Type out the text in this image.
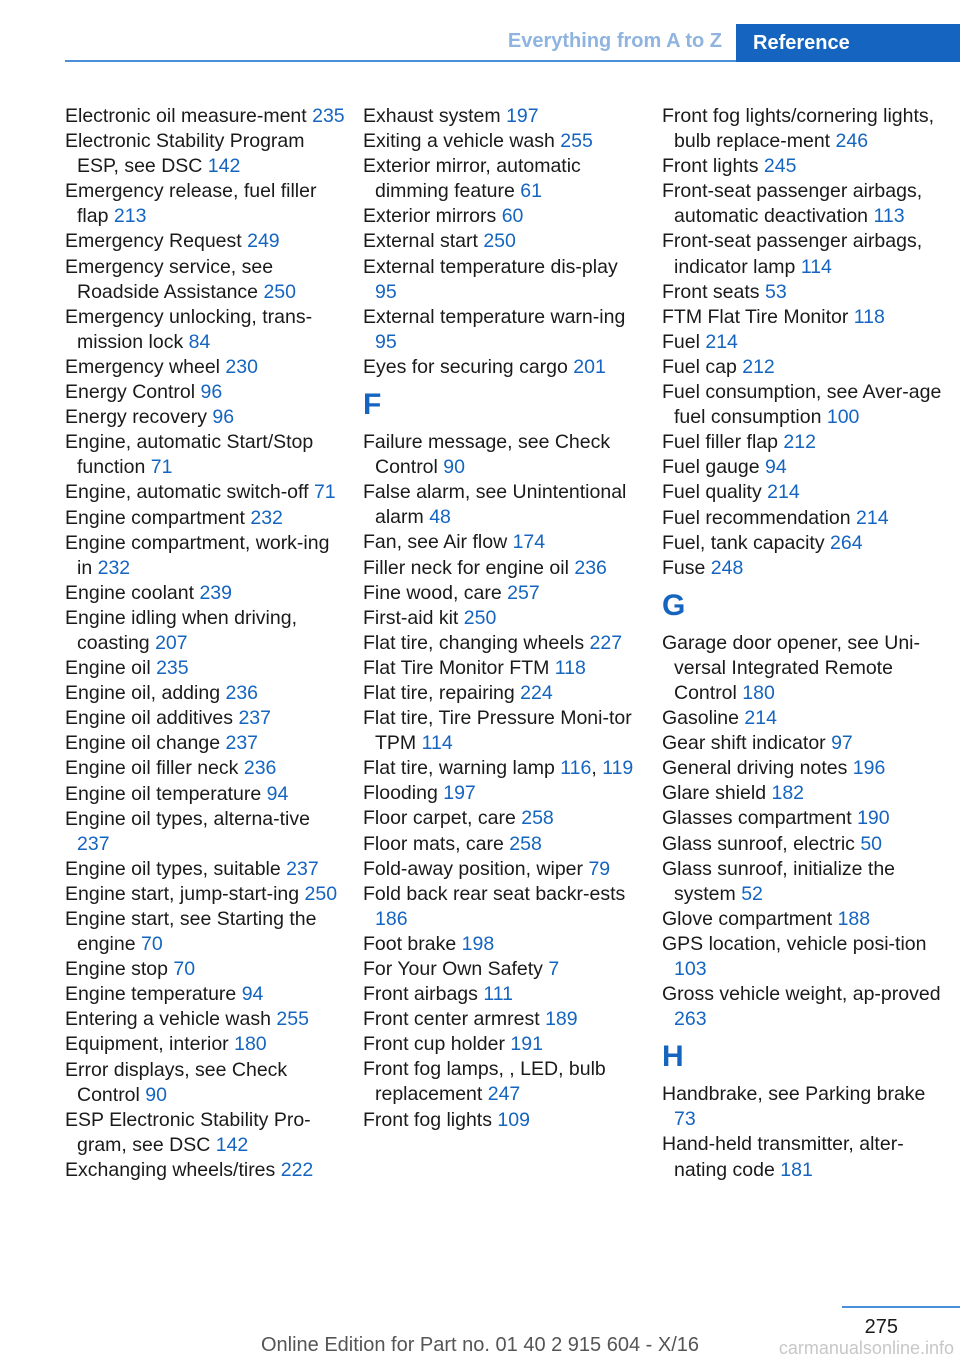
Everything from A to Z	Reference
Electronic oil measure-ment 235
Electronic Stability Program ESP, see DSC 142
Emergency release, fuel filler flap 213
Emergency Request 249
Emergency service, see Roadside Assistance 250
Emergency unlocking, trans-mission lock 84
Emergency wheel 230
Energy Control 96
Energy recovery 96
Engine, automatic Start/Stop function 71
Engine, automatic switch-off 71
Engine compartment 232
Engine compartment, work-ing in 232
Engine coolant 239
Engine idling when driving, coasting 207
Engine oil 235
Engine oil, adding 236
Engine oil additives 237
Engine oil change 237
Engine oil filler neck 236
Engine oil temperature 94
Engine oil types, alterna-tive 237
Engine oil types, suitable 237
Engine start, jump-start-ing 250
Engine start, see Starting the engine 70
Engine stop 70
Engine temperature 94
Entering a vehicle wash 255
Equipment, interior 180
Error displays, see Check Control 90
ESP Electronic Stability Pro-gram, see DSC 142
Exchanging wheels/tires 222
Exhaust system 197
Exiting a vehicle wash 255
Exterior mirror, automatic dimming feature 61
Exterior mirrors 60
External start 250
External temperature dis-play 95
External temperature warn-ing 95
Eyes for securing cargo 201
F
Failure message, see Check Control 90
False alarm, see Unintentional alarm 48
Fan, see Air flow 174
Filler neck for engine oil 236
Fine wood, care 257
First-aid kit 250
Flat tire, changing wheels 227
Flat Tire Monitor FTM 118
Flat tire, repairing 224
Flat tire, Tire Pressure Moni-tor TPM 114
Flat tire, warning lamp 116, 119
Flooding 197
Floor carpet, care 258
Floor mats, care 258
Fold-away position, wiper 79
Fold back rear seat backr-ests 186
Foot brake 198
For Your Own Safety 7
Front airbags 111
Front center armrest 189
Front cup holder 191
Front fog lamps, , LED, bulb replacement 247
Front fog lights 109
Front fog lights/cornering lights, bulb replace-ment 246
Front lights 245
Front-seat passenger airbags, automatic deactivation 113
Front-seat passenger airbags, indicator lamp 114
Front seats 53
FTM Flat Tire Monitor 118
Fuel 214
Fuel cap 212
Fuel consumption, see Aver-age fuel consumption 100
Fuel filler flap 212
Fuel gauge 94
Fuel quality 214
Fuel recommendation 214
Fuel, tank capacity 264
Fuse 248
G
Garage door opener, see Uni-versal Integrated Remote Control 180
Gasoline 214
Gear shift indicator 97
General driving notes 196
Glare shield 182
Glasses compartment 190
Glass sunroof, electric 50
Glass sunroof, initialize the system 52
Glove compartment 188
GPS location, vehicle posi-tion 103
Gross vehicle weight, ap-proved 263
H
Handbrake, see Parking brake 73
Hand-held transmitter, alter-nating code 181
275
Online Edition for Part no. 01 40 2 915 604 - X/16	carmanualsonline.info
